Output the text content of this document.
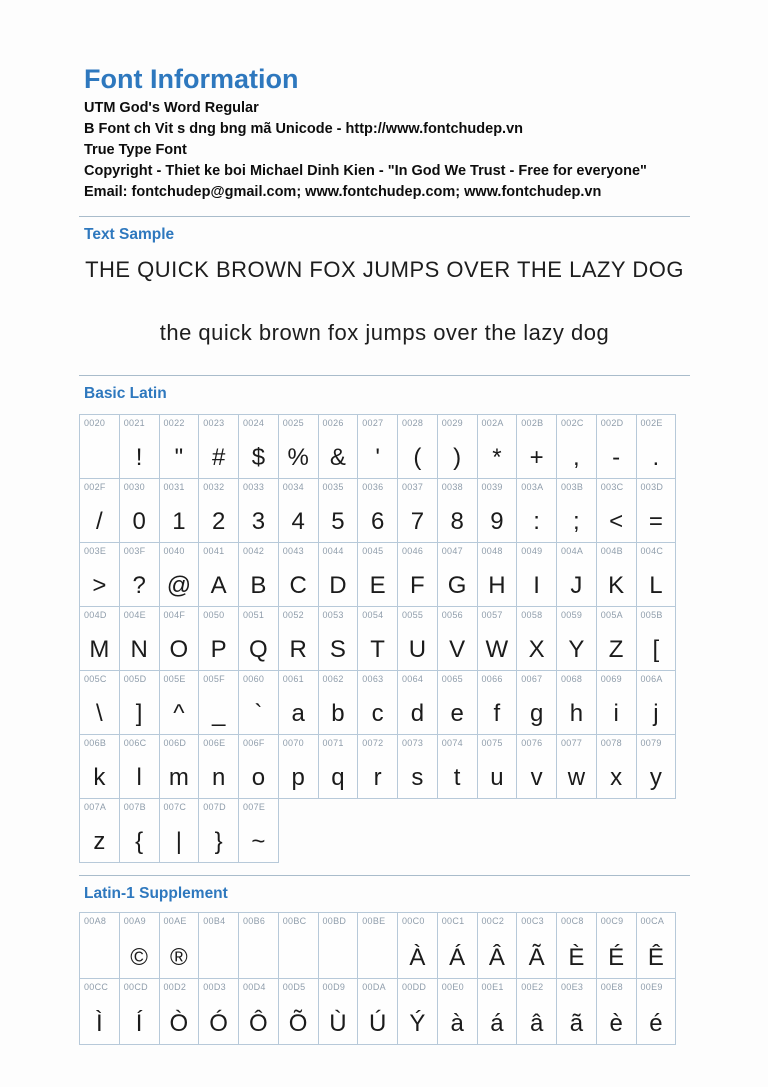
Font Information
UTM God's Word Regular
B Font ch Vit s dng bng mã Unicode - http://www.fontchudep.vn
True Type Font
Copyright - Thiet ke boi Michael Dinh Kien - "In God We Trust - Free for everyone"
Email: fontchudep@gmail.com; www.fontchudep.com; www.fontchudep.vn
Text Sample
THE QUICK BROWN FOX JUMPS OVER THE LAZY DOG
the quick brown fox jumps over the lazy dog
Basic Latin
0020 0021
!
0022
"
0023
#
0024
$
0025
%
0026
&
0027
'
0028
(
0029
)
002A
*
002B
+
002C
,
002D
-
002E
.
002F
/
0030
0
0031
1
0032
2
0033
3
0034
4
0035
5
0036
6
0037
7
0038
8
0039
9
003A
:
003B
;
003C
<
003D
=
003E
>
003F
?
0040
@
0041
A
0042
B
0043
C
0044
D
0045
E
0046
F
0047
G
0048
H
0049
I
004A
J
004B
K
004C
L
004D
M
004E
N
004F
O
0050
P
0051
Q
0052
R
0053
S
0054
T
0055
U
0056
V
0057
W
0058
X
0059
Y
005A
Z
005B
[
005C
\
005D
]
005E
^
005F
_
0060
`
0061
a
0062
b
0063
c
0064
d
0065
e
0066
f
0067
g
0068
h
0069
i
006A
j
006B
k
006C
l
006D
m
006E
n
006F
o
0070
p
0071
q
0072
r
0073
s
0074
t
0075
u
0076
v
0077
w
0078
x
0079
y
007A
z
007B
{
007C
|
007D
}
007E
~
Latin-1 Supplement
00A8 00A9
©
00AE
®
00B4 00B6 00BC 00BD 00BE 00C0
À
00C1
Á
00C2
Â
00C3
Ã
00C8
È
00C9
É
00CA
Ê
00CC
Ì
00CD
Í
00D2
Ò
00D3
Ó
00D4
Ô
00D5
Õ
00D9
Ù
00DA
Ú
00DD
Ý
00E0
à
00E1
á
00E2
â
00E3
ã
00E8
è
00E9
é
